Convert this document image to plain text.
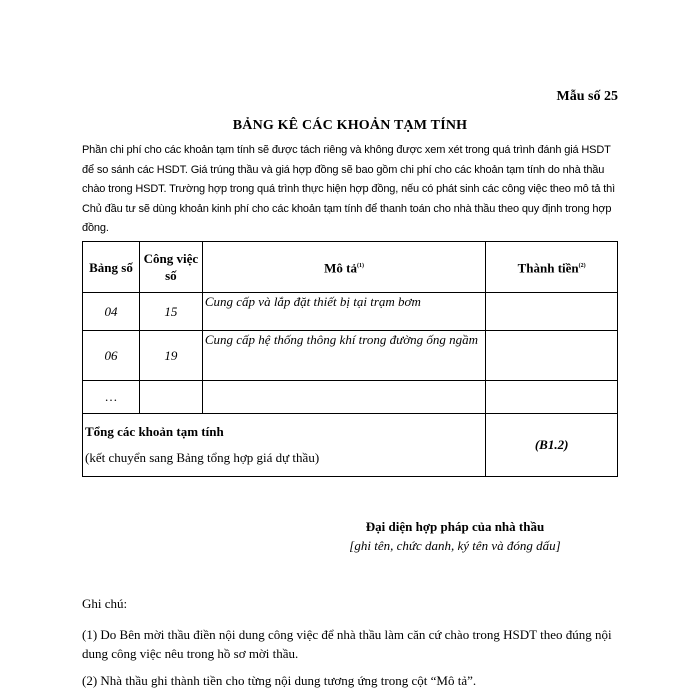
Mẫu số 25
BẢNG KÊ CÁC KHOẢN TẠM TÍNH
Phần chi phí cho các khoản tạm tính sẽ được tách riêng và không được xem xét trong quá trình đánh giá HSDT để so sánh các HSDT. Giá trúng thầu và giá hợp đồng sẽ bao gồm chi phí cho các khoản tạm tính do nhà thầu chào trong HSDT. Trường hợp trong quá trình thực hiện hợp đồng, nếu có phát sinh các công việc theo mô tả thì Chủ đầu tư sẽ dùng khoản kinh phí cho các khoản tạm tính để thanh toán cho nhà thầu theo quy định trong hợp đồng.
Bảng số	Công việc số	Mô tả$^{(1)}$	Thành tiền$^{(2)}$
04	15	Cung cấp và lắp đặt thiết bị tại trạm bơm	
06	19	Cung cấp hệ thống thông khí trong đường ống ngầm	
…			

Tổng các khoản tạm tính
(kết chuyển sang Bảng tổng hợp giá dự thầu)			(B1.2)
Đại diện hợp pháp của nhà thầu
[ghi tên, chức danh, ký tên và đóng dấu]
Ghi chú:

(1) Do Bên mời thầu điền nội dung công việc để nhà thầu làm căn cứ chào trong HSDT theo đúng nội dung công việc nêu trong hồ sơ mời thầu.

(2) Nhà thầu ghi thành tiền cho từng nội dung tương ứng trong cột “Mô tả”.
